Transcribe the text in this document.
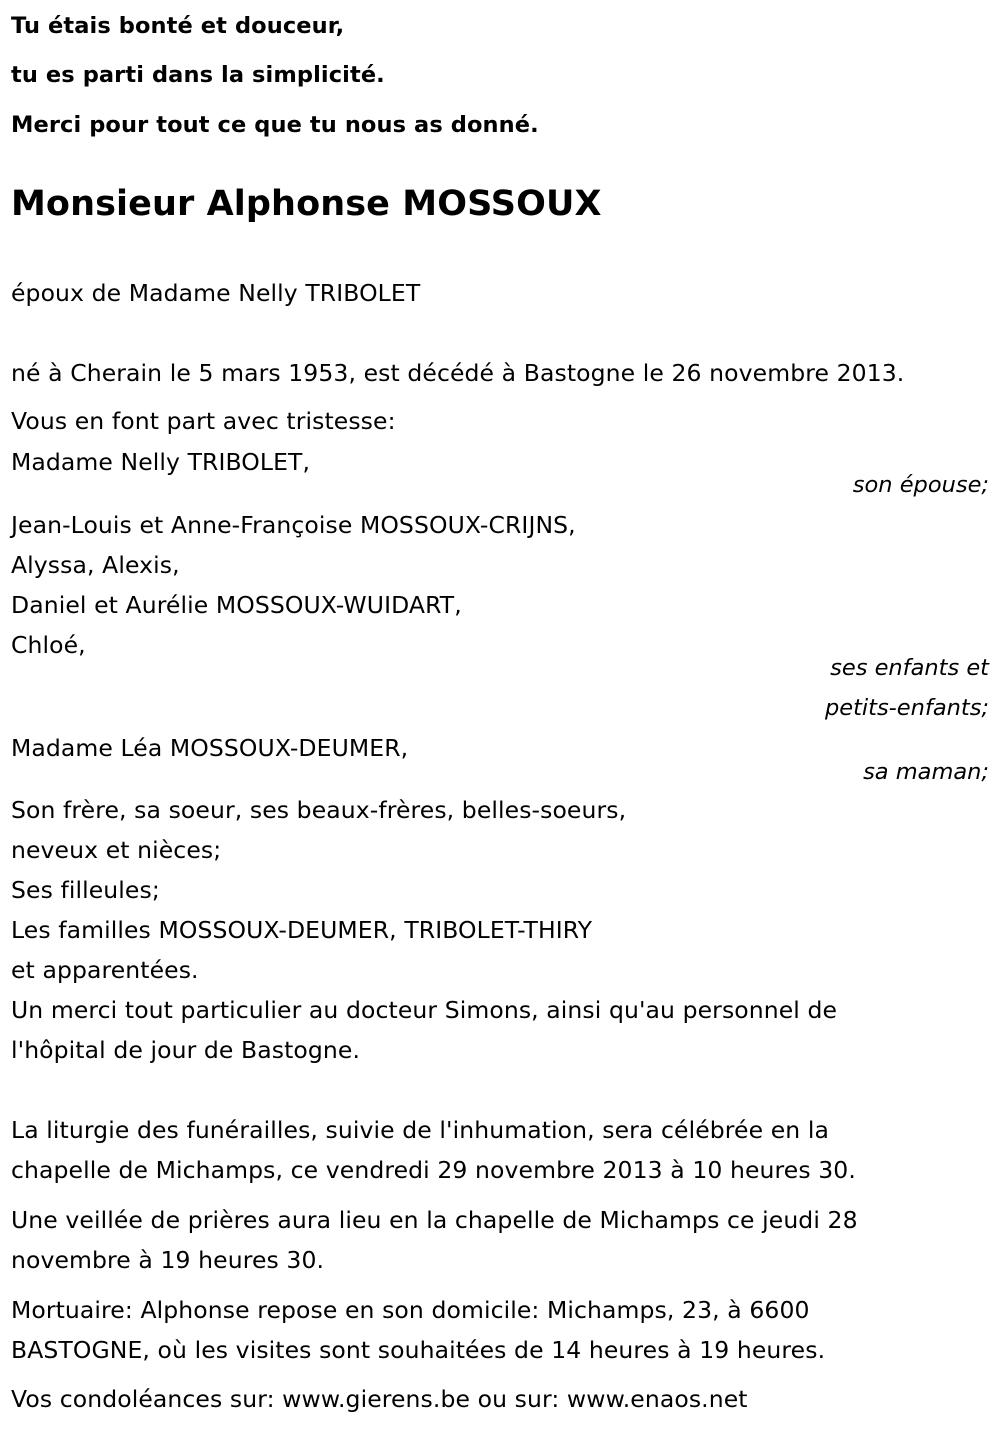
Tu étais bonté et douceur,
tu es parti dans la simplicité.
Merci pour tout ce que tu nous as donné.
Monsieur Alphonse MOSSOUX
époux de Madame Nelly TRIBOLET
né à Cherain le 5 mars 1953, est décédé à Bastogne le 26 novembre 2013.
Vous en font part avec tristesse:
Madame Nelly TRIBOLET,
son épouse;
Jean-Louis et Anne-Françoise MOSSOUX-CRIJNS,
Alyssa, Alexis,
Daniel et Aurélie MOSSOUX-WUIDART,
Chloé,
ses enfants et
petits-enfants;
Madame Léa MOSSOUX-DEUMER,
sa maman;
Son frère, sa soeur, ses beaux-frères, belles-soeurs,
neveux et nièces;
Ses filleules;
Les familles MOSSOUX-DEUMER, TRIBOLET-THIRY
et apparentées.
Un merci tout particulier au docteur Simons, ainsi qu'au personnel de
l'hôpital de jour de Bastogne.
La liturgie des funérailles, suivie de l'inhumation, sera célébrée en la
chapelle de Michamps, ce vendredi 29 novembre 2013 à 10 heures 30.
Une veillée de prières aura lieu en la chapelle de Michamps ce jeudi 28
novembre à 19 heures 30.
Mortuaire: Alphonse repose en son domicile: Michamps, 23, à 6600
BASTOGNE, où les visites sont souhaitées de 14 heures à 19 heures.
Vos condoléances sur: www.gierens.be ou sur: www.enaos.net
